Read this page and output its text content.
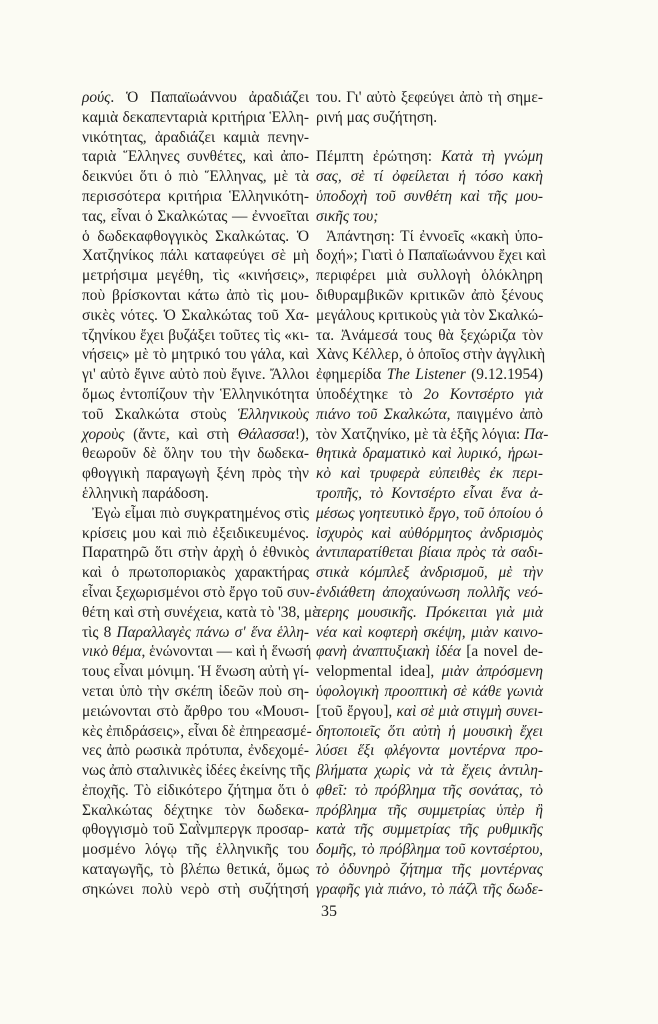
ρούς. Ὁ Παπαϊωάννου ἀραδιάζει
καμιὰ δεκαπενταριὰ κριτήρια Ἑλλη-
νικότητας, ἀραδιάζει καμιὰ πενην-
ταριὰ Ἕλληνες συνθέτες, καὶ ἀπο-
δεικνύει ὅτι ὁ πιὸ Ἕλληνας, μὲ τὰ
περισσότερα κριτήρια Ἑλληνικότη-
τας, εἶναι ὁ Σκαλκώτας — ἐννοεῖται
ὁ δωδεκαφθογγικὸς Σκαλκώτας. Ὁ
Χατζηνίκος πάλι καταφεύγει σὲ μὴ
μετρήσιμα μεγέθη, τὶς «κινήσεις»,
ποὺ βρίσκονται κάτω ἀπὸ τὶς μου-
σικὲς νότες. Ὁ Σκαλκώτας τοῦ Χα-
τζηνίκου ἔχει βυζάξει τοῦτες τὶς «κι-
νήσεις» μὲ τὸ μητρικό του γάλα, καὶ
γι' αὐτὸ ἔγινε αὐτὸ ποὺ ἔγινε. Ἄλλοι
ὅμως ἐντοπίζουν τὴν Ἑλληνικότητα
τοῦ Σκαλκώτα στοὺς Ἑλληνικοὺς
χοροὺς (ἄντε, καὶ στὴ Θάλασσα!),
θεωροῦν δὲ ὅλην του τὴν δωδεκα-
φθογγικὴ παραγωγὴ ξένη πρὸς τὴν
ἑλληνικὴ παράδοση.
Ἐγὼ εἶμαι πιὸ συγκρατημένος στὶς
κρίσεις μου καὶ πιὸ ἐξειδικευμένος.
Παρατηρῶ ὅτι στὴν ἀρχὴ ὁ ἐθνικὸς
καὶ ὁ πρωτοποριακὸς χαρακτήρας
εἶναι ξεχωρισμένοι στὸ ἔργο τοῦ συν-
θέτη καὶ στὴ συνέχεια, κατὰ τὸ '38, μὲ
τὶς 8 Παραλλαγὲς πάνω σ' ἕνα ἑλλη-
νικὸ θέμα, ἑνώνονται — καὶ ἡ ἕνωσή
τους εἶναι μόνιμη. Ἡ ἕνωση αὐτὴ γί-
νεται ὑπὸ τὴν σκέπη ἰδεῶν ποὺ ση-
μειώνονται στὸ ἄρθρο του «Μουσι-
κὲς ἐπιδράσεις», εἶναι δὲ ἐπηρεασμέ-
νες ἀπὸ ρωσικὰ πρότυπα, ἐνδεχομέ-
νως ἀπὸ σταλινικὲς ἰδέες ἐκείνης τῆς
ἐποχῆς. Τὸ εἰδικότερο ζήτημα ὅτι ὁ
Σκαλκώτας δέχτηκε τὸν δωδεκα-
φθογγισμὸ τοῦ Σαῒνμπεργκ προσαρ-
μοσμένο λόγῳ τῆς ἑλληνικῆς του
καταγωγῆς, τὸ βλέπω θετικά, ὅμως
σηκώνει πολὺ νερὸ στὴ συζήτησή
του. Γι' αὐτὸ ξεφεύγει ἀπὸ τὴ σημε-
ρινή μας συζήτηση.
Πέμπτη ἐρώτηση: Κατὰ τὴ γνώμη
σας, σὲ τί ὀφείλεται ἡ τόσο κακὴ
ὑποδοχὴ τοῦ συνθέτη καὶ τῆς μου-
σικῆς του;
Ἀπάντηση: Τί ἐννοεῖς «κακὴ ὑπο-
δοχή»; Γιατὶ ὁ Παπαϊωάννου ἔχει καὶ
περιφέρει μιὰ συλλογὴ ὁλόκληρη
διθυραμβικῶν κριτικῶν ἀπὸ ξένους
μεγάλους κριτικοὺς γιὰ τὸν Σκαλκώ-
τα. Ἀνάμεσά τους θὰ ξεχώριζα τὸν
Χὰνς Κέλλερ, ὁ ὁποῖος στὴν ἀγγλικὴ
ἐφημερίδα The Listener (9.12.1954)
ὑποδέχτηκε τὸ 2ο Κοντσέρτο γιὰ
πιάνο τοῦ Σκαλκώτα, παιγμένο ἀπὸ
τὸν Χατζηνίκο, μὲ τὰ ἑξῆς λόγια: Πα-
θητικὰ δραματικὸ καὶ λυρικό, ἡρωι-
κὸ καὶ τρυφερὰ εὐπειθὲς ἐκ περι-
τροπῆς, τὸ Κοντσέρτο εἶναι ἕνα ἀ-
μέσως γοητευτικὸ ἔργο, τοῦ ὁποίου ὁ
ἰσχυρὸς καὶ αὐθόρμητος ἀνδρισμὸς
ἀντιπαρατίθεται βίαια πρὸς τὰ σαδι-
στικὰ κόμπλεξ ἀνδρισμοῦ, μὲ τὴν
ἐνδιάθετη ἀποχαύνωση πολλῆς νεό-
τερης μουσικῆς. Πρόκειται γιὰ μιὰ
νέα καὶ κοφτερὴ σκέψη, μιὰν καινο-
φανὴ ἀναπτυξιακὴ ἰδέα [a novel de-
velopmental idea], μιὰν ἀπρόσμενη
ὑφολογικὴ προοπτικὴ σὲ κάθε γωνιὰ
[τοῦ ἔργου], καὶ σὲ μιὰ στιγμὴ συνει-
δητοποιεῖς ὅτι αὐτὴ ἡ μουσικὴ ἔχει
λύσει ἕξι φλέγοντα μοντέρνα προ-
βλήματα χωρὶς νὰ τὰ ἔχεις ἀντιλη-
φθεῖ: τὸ πρόβλημα τῆς σονάτας, τὸ
πρόβλημα τῆς συμμετρίας ὑπὲρ ἢ
κατὰ τῆς συμμετρίας τῆς ρυθμικῆς
δομῆς, τὸ πρόβλημα τοῦ κοντσέρτου,
τὸ ὀδυνηρὸ ζήτημα τῆς μοντέρνας
γραφῆς γιὰ πιάνο, τὸ πάζλ τῆς δωδε-
35
